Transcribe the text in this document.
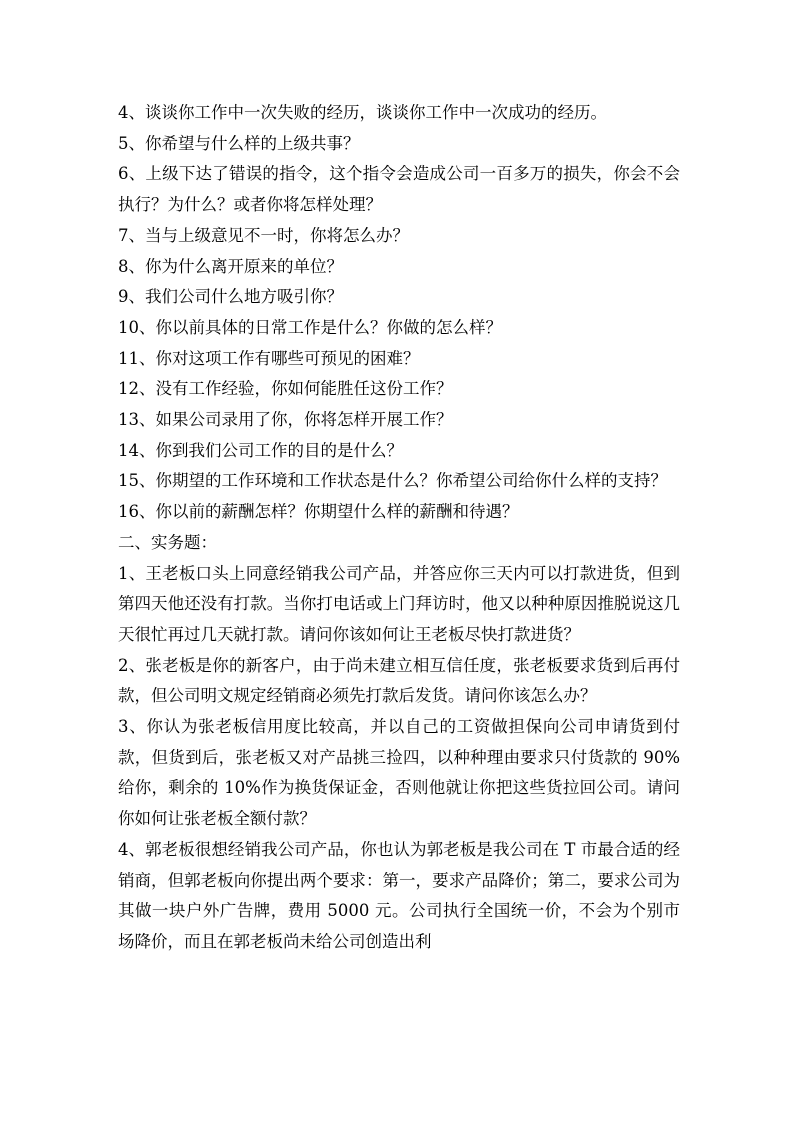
4、谈谈你工作中一次失败的经历，谈谈你工作中一次成功的经历。

5、你希望与什么样的上级共事？

6、上级下达了错误的指令，这个指令会造成公司一百多万的损失，你会不会执行？为什么？或者你将怎样处理？

7、当与上级意见不一时，你将怎么办？

8、你为什么离开原来的单位？

9、我们公司什么地方吸引你？

10、你以前具体的日常工作是什么？你做的怎么样？

11、你对这项工作有哪些可预见的困难？

12、没有工作经验，你如何能胜任这份工作？

13、如果公司录用了你，你将怎样开展工作？

14、你到我们公司工作的目的是什么？

15、你期望的工作环境和工作状态是什么？你希望公司给你什么样的支持？

16、你以前的薪酬怎样？你期望什么样的薪酬和待遇？

二、实务题：

1、王老板口头上同意经销我公司产品，并答应你三天内可以打款进货，但到第四天他还没有打款。当你打电话或上门拜访时，他又以种种原因推脱说这几天很忙再过几天就打款。请问你该如何让王老板尽快打款进货？

2、张老板是你的新客户，由于尚未建立相互信任度，张老板要求货到后再付款，但公司明文规定经销商必须先打款后发货。请问你该怎么办？

3、你认为张老板信用度比较高，并以自己的工资做担保向公司申请货到付款，但货到后，张老板又对产品挑三捡四，以种种理由要求只付货款的 90%给你，剩余的 10%作为换货保证金，否则他就让你把这些货拉回公司。请问你如何让张老板全额付款？

4、郭老板很想经销我公司产品，你也认为郭老板是我公司在 T 市最合适的经销商，但郭老板向你提出两个要求：第一，要求产品降价；第二，要求公司为其做一块户外广告牌，费用 5000 元。公司执行全国统一价，不会为个别市场降价，而且在郭老板尚未给公司创造出利
